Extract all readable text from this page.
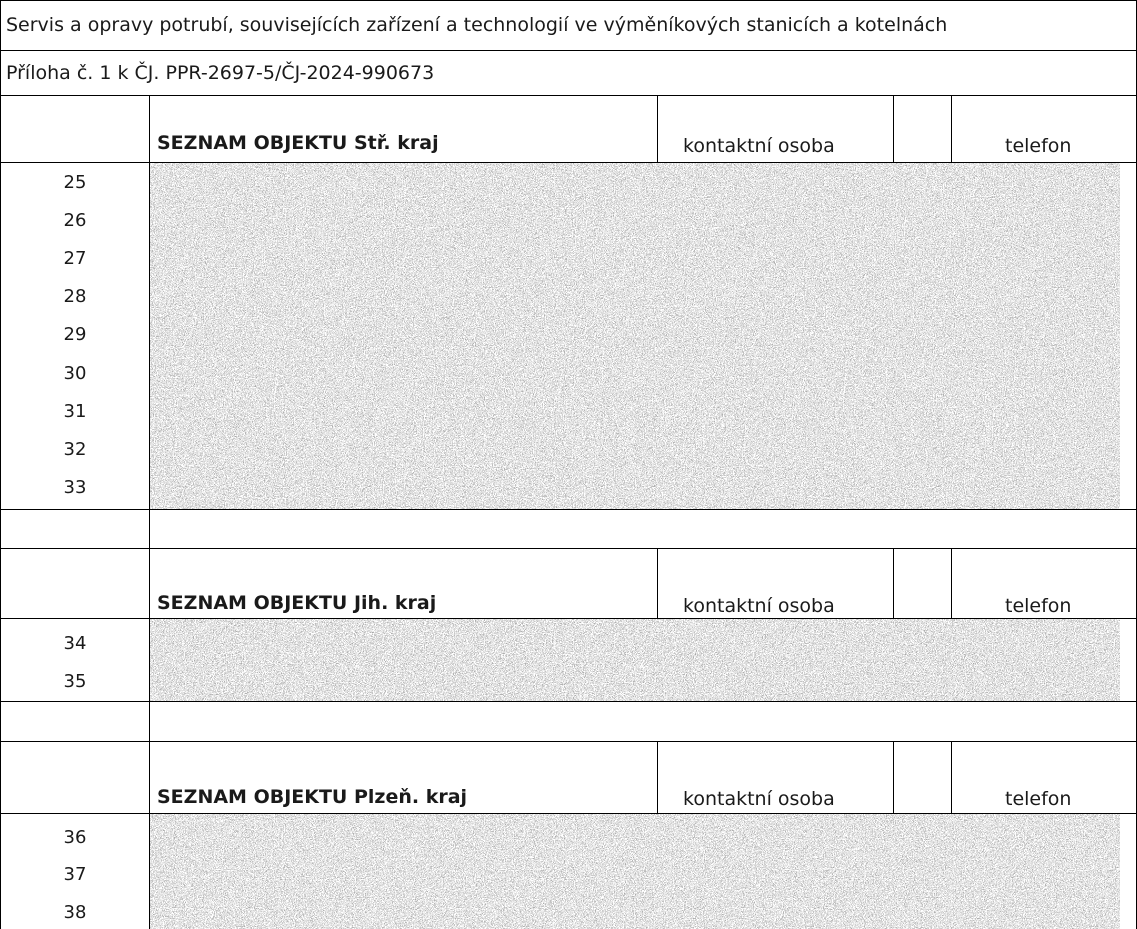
Servis a opravy potrubí, souvisejících zařízení a technologií ve výměníkových stanicích a kotelnách
Příloha č. 1 k ČJ. PPR-2697-5/ČJ-2024-990673
SEZNAM OBJEKTU Stř. kraj	kontaktní osoba	telefon
25
26
27
28
29
30
31
32
33
SEZNAM OBJEKTU Jih. kraj	kontaktní osoba	telefon
34
35
SEZNAM OBJEKTU Plzeň. kraj	kontaktní osoba	telefon
36
37
38
